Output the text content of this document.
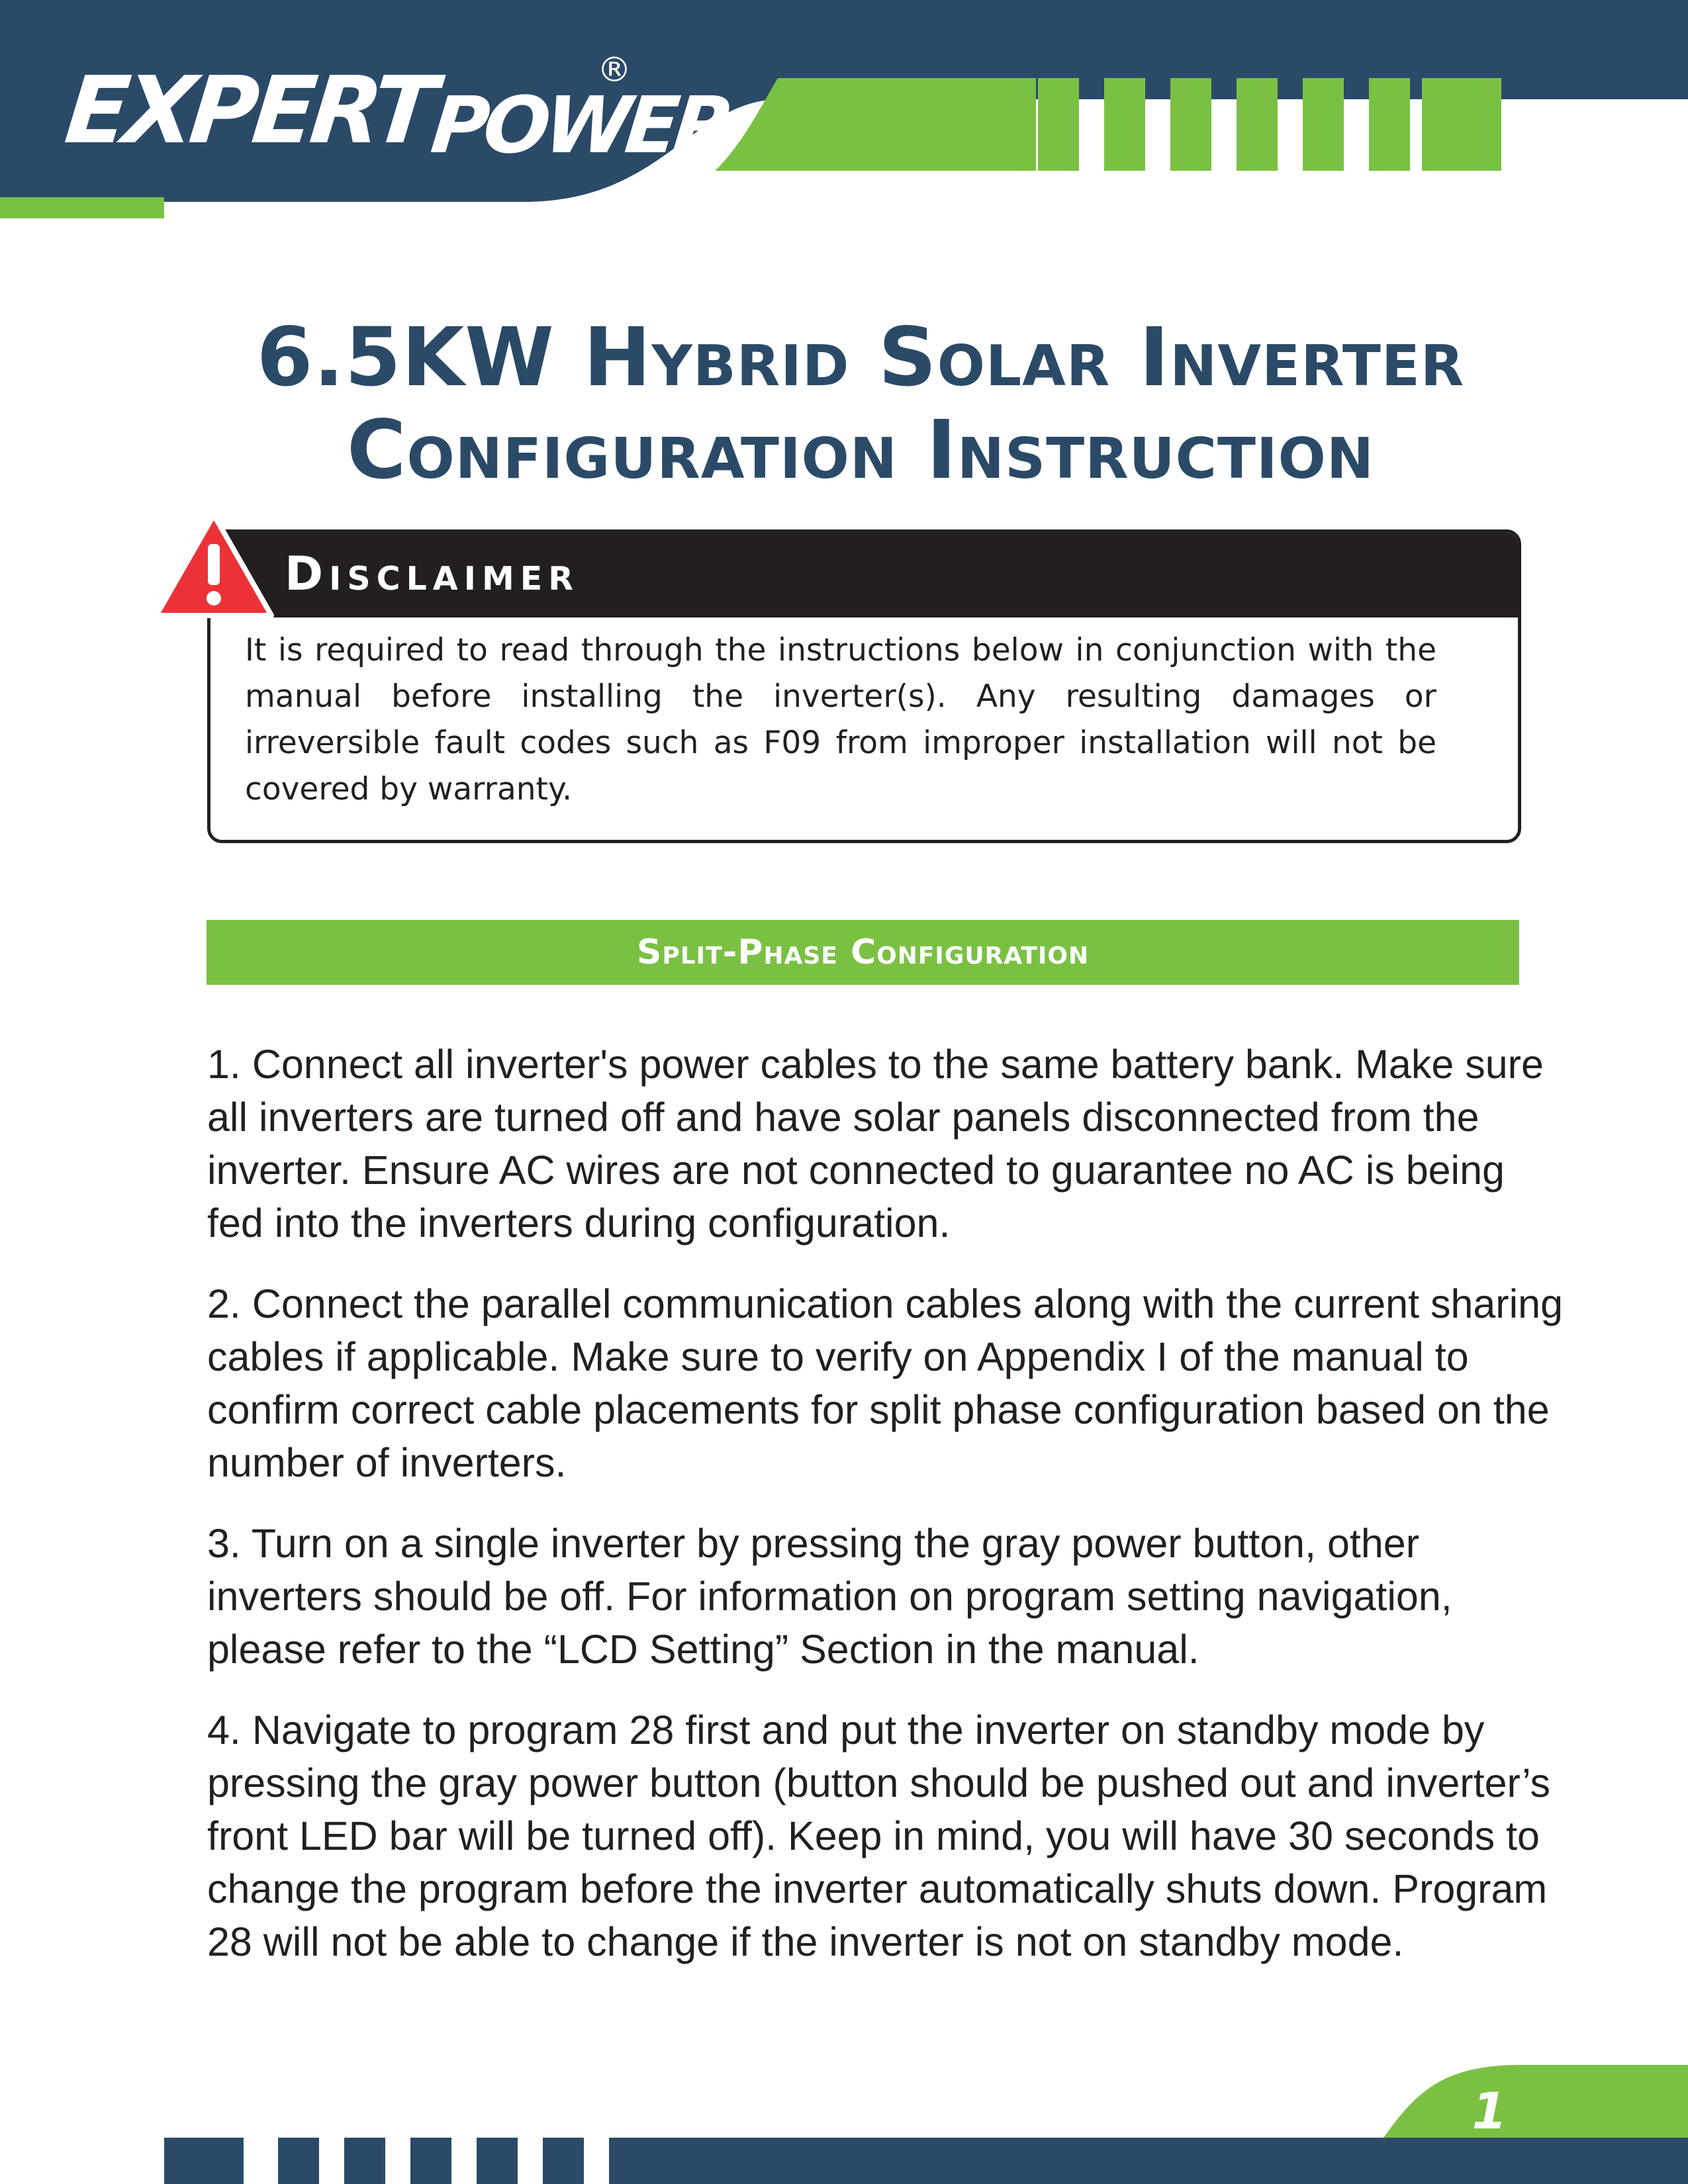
EXPERT
POWER
®
6.5KW Hybrid Solar Inverter
Configuration Instruction
Disclaimer
It is required to read through the instructions below in conjunction with the manual before installing the inverter(s). Any resulting damages or irreversible fault codes such as F09 from improper installation will not be covered by warranty.
Split-Phase Configuration

1. Connect all inverter's power cables to the same battery bank. Make sure all inverters are turned off and have solar panels disconnected from the inverter. Ensure AC wires are not connected to guarantee no AC is being fed into the inverters during configuration.

2. Connect the parallel communication cables along with the current sharing cables if applicable. Make sure to verify on Appendix I of the manual to confirm correct cable placements for split phase configuration based on the number of inverters.

3. Turn on a single inverter by pressing the gray power button, other inverters should be off. For information on program setting navigation, please refer to the “LCD Setting” Section in the manual.

4. Navigate to program 28 first and put the inverter on standby mode by pressing the gray power button (button should be pushed out and inverter’s front LED bar will be turned off). Keep in mind, you will have 30 seconds to change the program before the inverter automatically shuts down. Program 28 will not be able to change if the inverter is not on standby mode.

1
